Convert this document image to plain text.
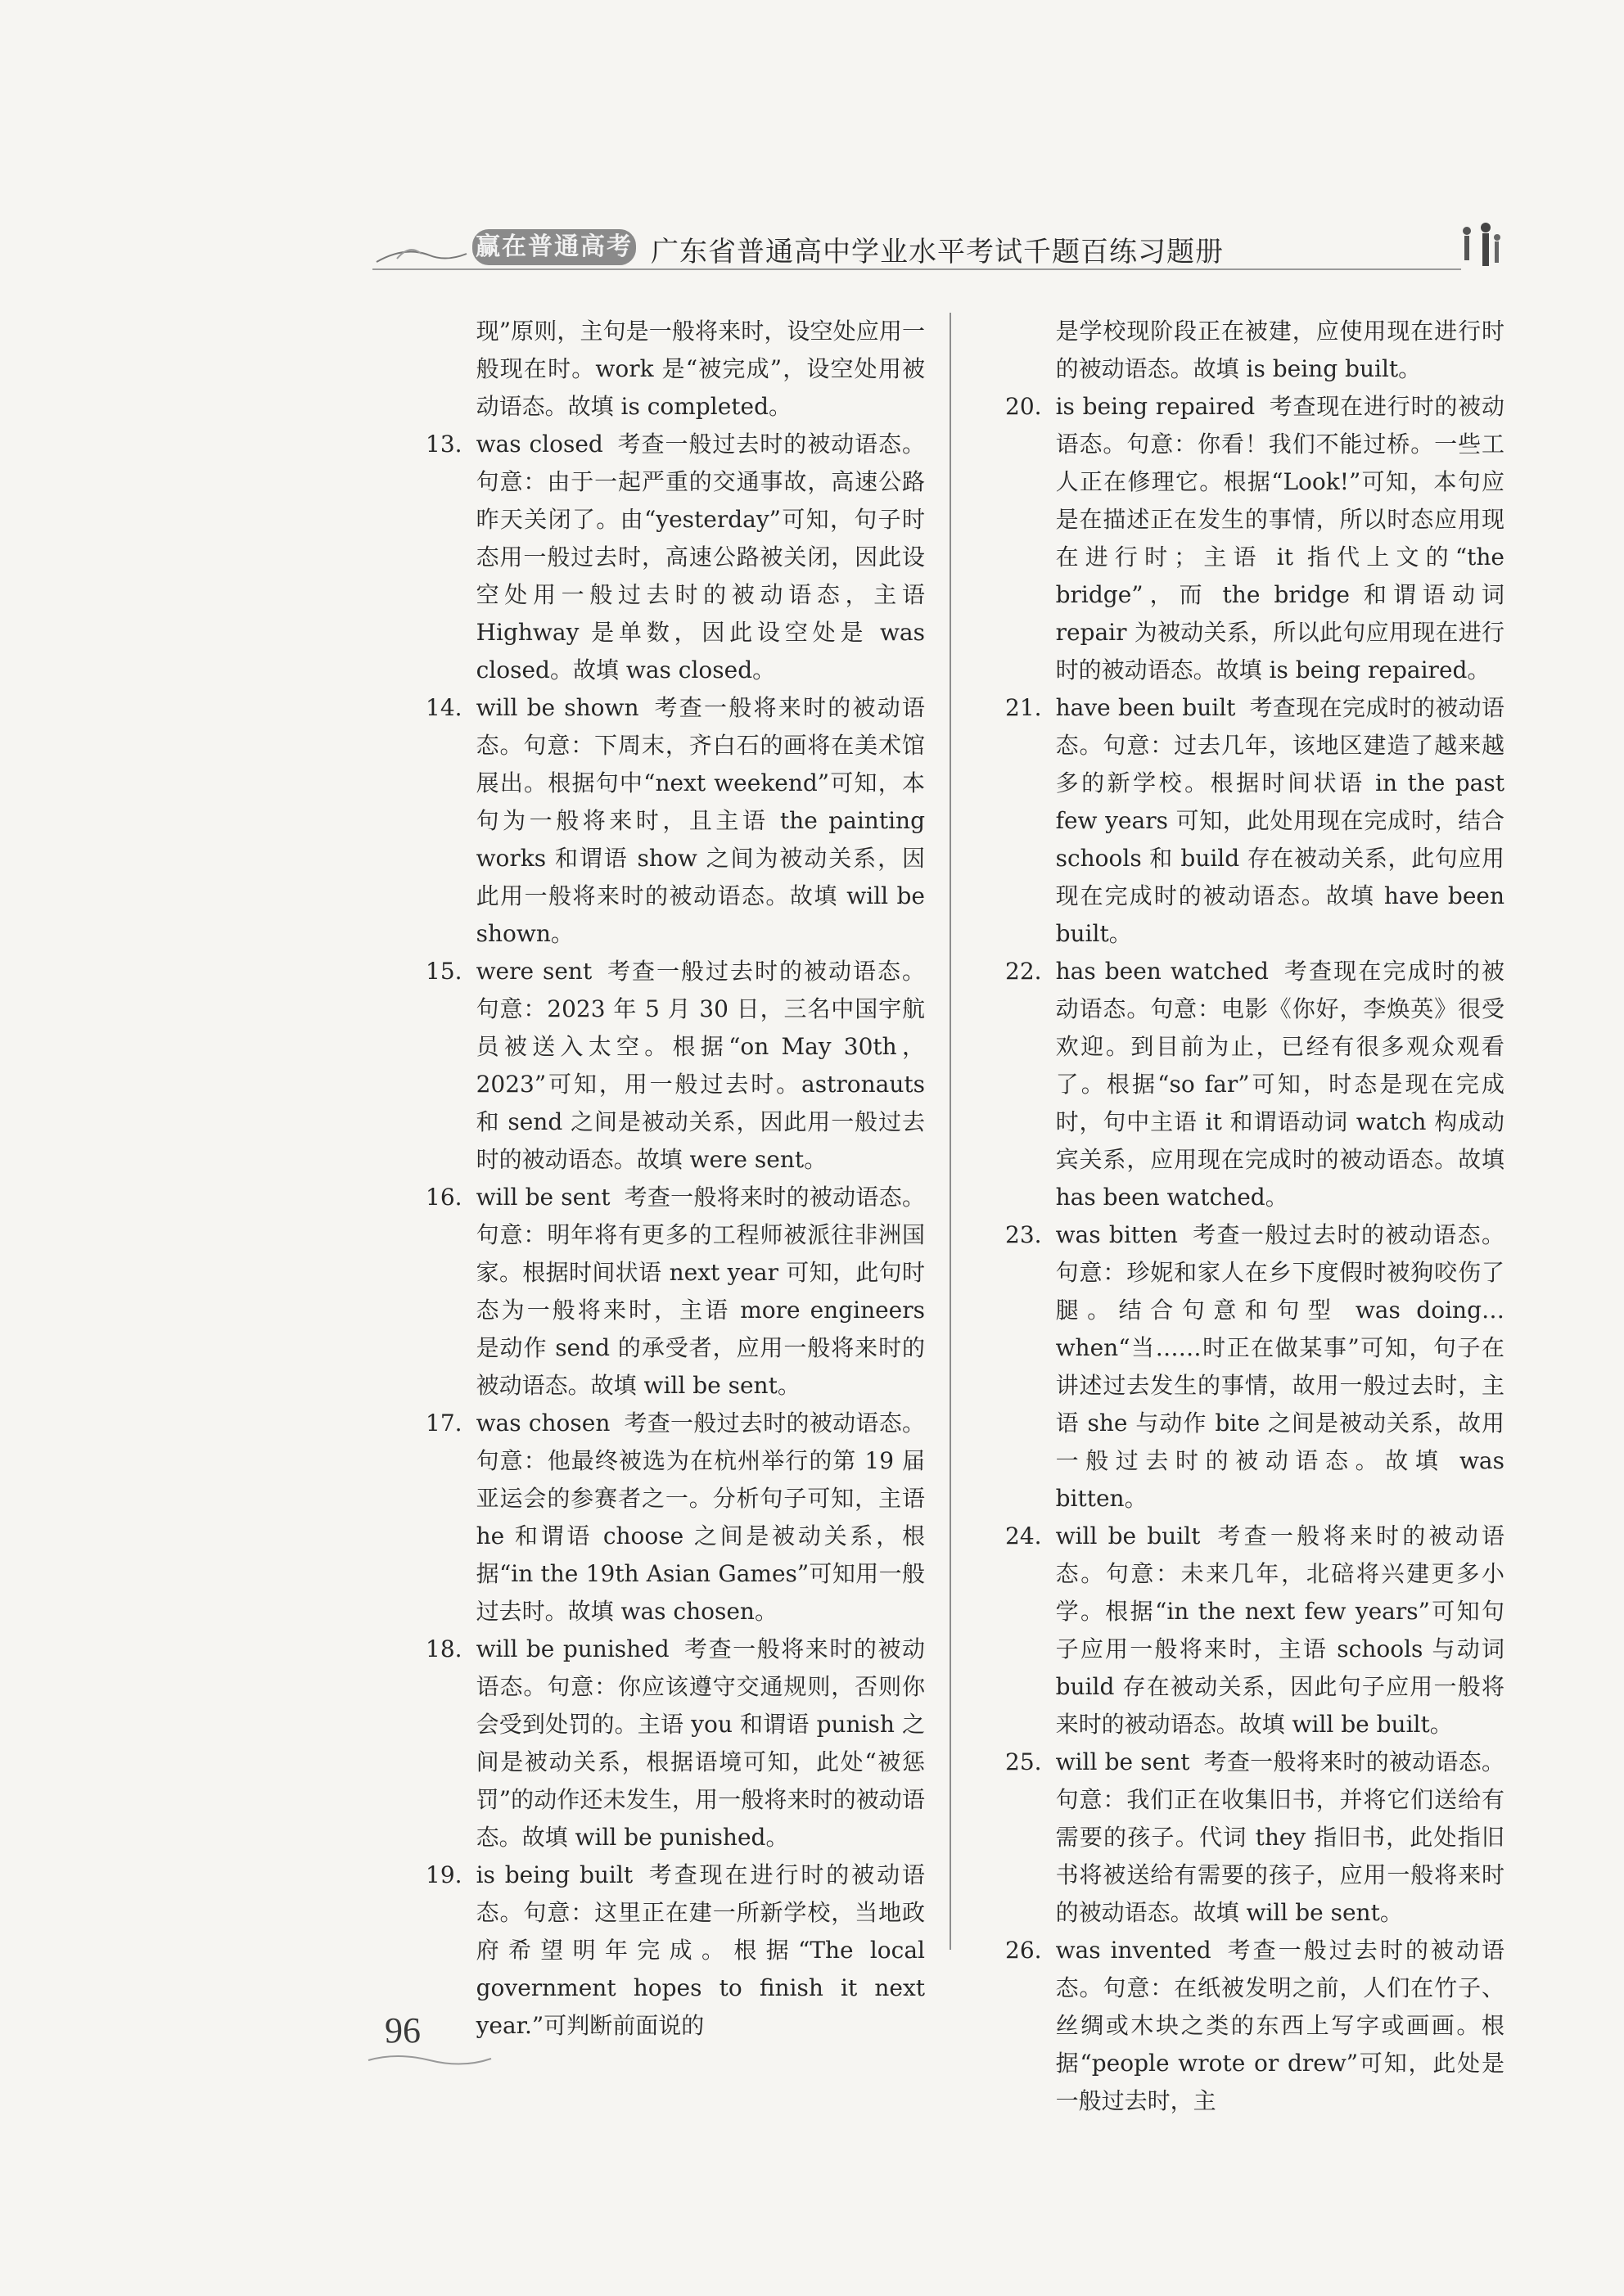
赢在普通高考 广东省普通高中学业水平考试千题百练习题册
现”原则，主句是一般将来时，设空处应用一般现在时。work 是“被完成”，设空处用被动语态。故填 is completed。
13. was closed 考查一般过去时的被动语态。句意：由于一起严重的交通事故，高速公路昨天关闭了。由“yesterday”可知，句子时态用一般过去时，高速公路被关闭，因此设空处用一般过去时的被动语态，主语 Highway 是单数，因此设空处是 was closed。故填 was closed。
14. will be shown 考查一般将来时的被动语态。句意：下周末，齐白石的画将在美术馆展出。根据句中“next weekend”可知，本句为一般将来时，且主语 the painting works 和谓语 show 之间为被动关系，因此用一般将来时的被动语态。故填 will be shown。
15. were sent 考查一般过去时的被动语态。句意：2023 年 5 月 30 日，三名中国宇航员被送入太空。根据“on May 30th，2023”可知，用一般过去时。astronauts 和 send 之间是被动关系，因此用一般过去时的被动语态。故填 were sent。
16. will be sent 考查一般将来时的被动语态。句意：明年将有更多的工程师被派往非洲国家。根据时间状语 next year 可知，此句时态为一般将来时，主语 more engineers 是动作 send 的承受者，应用一般将来时的被动语态。故填 will be sent。
17. was chosen 考查一般过去时的被动语态。句意：他最终被选为在杭州举行的第 19 届亚运会的参赛者之一。分析句子可知，主语 he 和谓语 choose 之间是被动关系，根据“in the 19th Asian Games”可知用一般过去时。故填 was chosen。
18. will be punished 考查一般将来时的被动语态。句意：你应该遵守交通规则，否则你会受到处罚的。主语 you 和谓语 punish 之间是被动关系，根据语境可知，此处“被惩罚”的动作还未发生，用一般将来时的被动语态。故填 will be punished。
19. is being built 考查现在进行时的被动语态。句意：这里正在建一所新学校，当地政府希望明年完成。根据“The local government hopes to finish it next year.”可判断前面说的
是学校现阶段正在被建，应使用现在进行时的被动语态。故填 is being built。
20. is being repaired 考查现在进行时的被动语态。句意：你看！我们不能过桥。一些工人正在修理它。根据“Look!”可知，本句应是在描述正在发生的事情，所以时态应用现在进行时；主语 it 指代上文的“the bridge”，而 the bridge 和谓语动词 repair 为被动关系，所以此句应用现在进行时的被动语态。故填 is being repaired。
21. have been built 考查现在完成时的被动语态。句意：过去几年，该地区建造了越来越多的新学校。根据时间状语 in the past few years 可知，此处用现在完成时，结合 schools 和 build 存在被动关系，此句应用现在完成时的被动语态。故填 have been built。
22. has been watched 考查现在完成时的被动语态。句意：电影《你好，李焕英》很受欢迎。到目前为止，已经有很多观众观看了。根据“so far”可知，时态是现在完成时，句中主语 it 和谓语动词 watch 构成动宾关系，应用现在完成时的被动语态。故填 has been watched。
23. was bitten 考查一般过去时的被动语态。句意：珍妮和家人在乡下度假时被狗咬伤了腿。结合句意和句型 was doing…when“当……时正在做某事”可知，句子在讲述过去发生的事情，故用一般过去时，主语 she 与动作 bite 之间是被动关系，故用一般过去时的被动语态。故填 was bitten。
24. will be built 考查一般将来时的被动语态。句意：未来几年，北碚将兴建更多小学。根据“in the next few years”可知句子应用一般将来时，主语 schools 与动词 build 存在被动关系，因此句子应用一般将来时的被动语态。故填 will be built。
25. will be sent 考查一般将来时的被动语态。句意：我们正在收集旧书，并将它们送给有需要的孩子。代词 they 指旧书，此处指旧书将被送给有需要的孩子，应用一般将来时的被动语态。故填 will be sent。
26. was invented 考查一般过去时的被动语态。句意：在纸被发明之前，人们在竹子、丝绸或木块之类的东西上写字或画画。根据“people wrote or drew”可知，此处是一般过去时，主
96
